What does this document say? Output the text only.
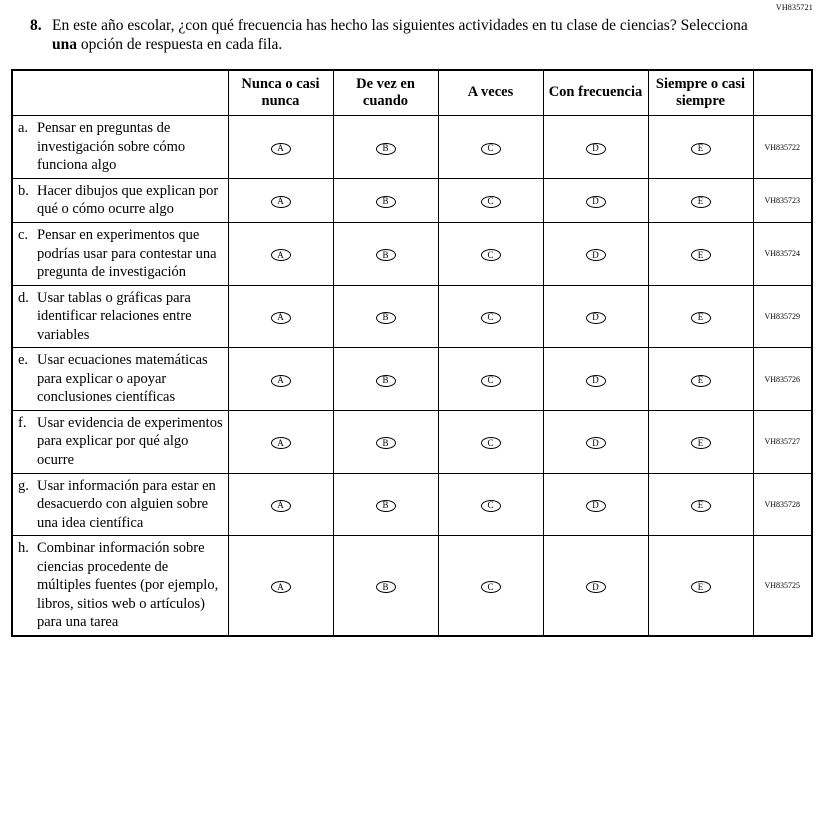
VH835721
8. En este año escolar, ¿con qué frecuencia has hecho las siguientes actividades en tu clase de ciencias? Selecciona una opción de respuesta en cada fila.
	Nunca o casi nunca	De vez en cuando	A veces	Con frecuencia	Siempre o casi siempre	

a. Pensar en preguntas de investigación sobre cómo funciona algo	A	B	C	D	E	VH835722

b. Hacer dibujos que explican por qué o cómo ocurre algo	A	B	C	D	E	VH835723

c. Pensar en experimentos que podrías usar para contestar una pregunta de investigación	A	B	C	D	E	VH835724

d. Usar tablas o gráficas para identificar relaciones entre variables	A	B	C	D	E	VH835729

e. Usar ecuaciones matemáticas para explicar o apoyar conclusiones científicas	A	B	C	D	E	VH835726

f. Usar evidencia de experimentos para explicar por qué algo ocurre	A	B	C	D	E	VH835727

g. Usar información para estar en desacuerdo con alguien sobre una idea científica	A	B	C	D	E	VH835728

h. Combinar información sobre ciencias procedente de múltiples fuentes (por ejemplo, libros, sitios web o artículos) para una tarea	A	B	C	D	E	VH835725
